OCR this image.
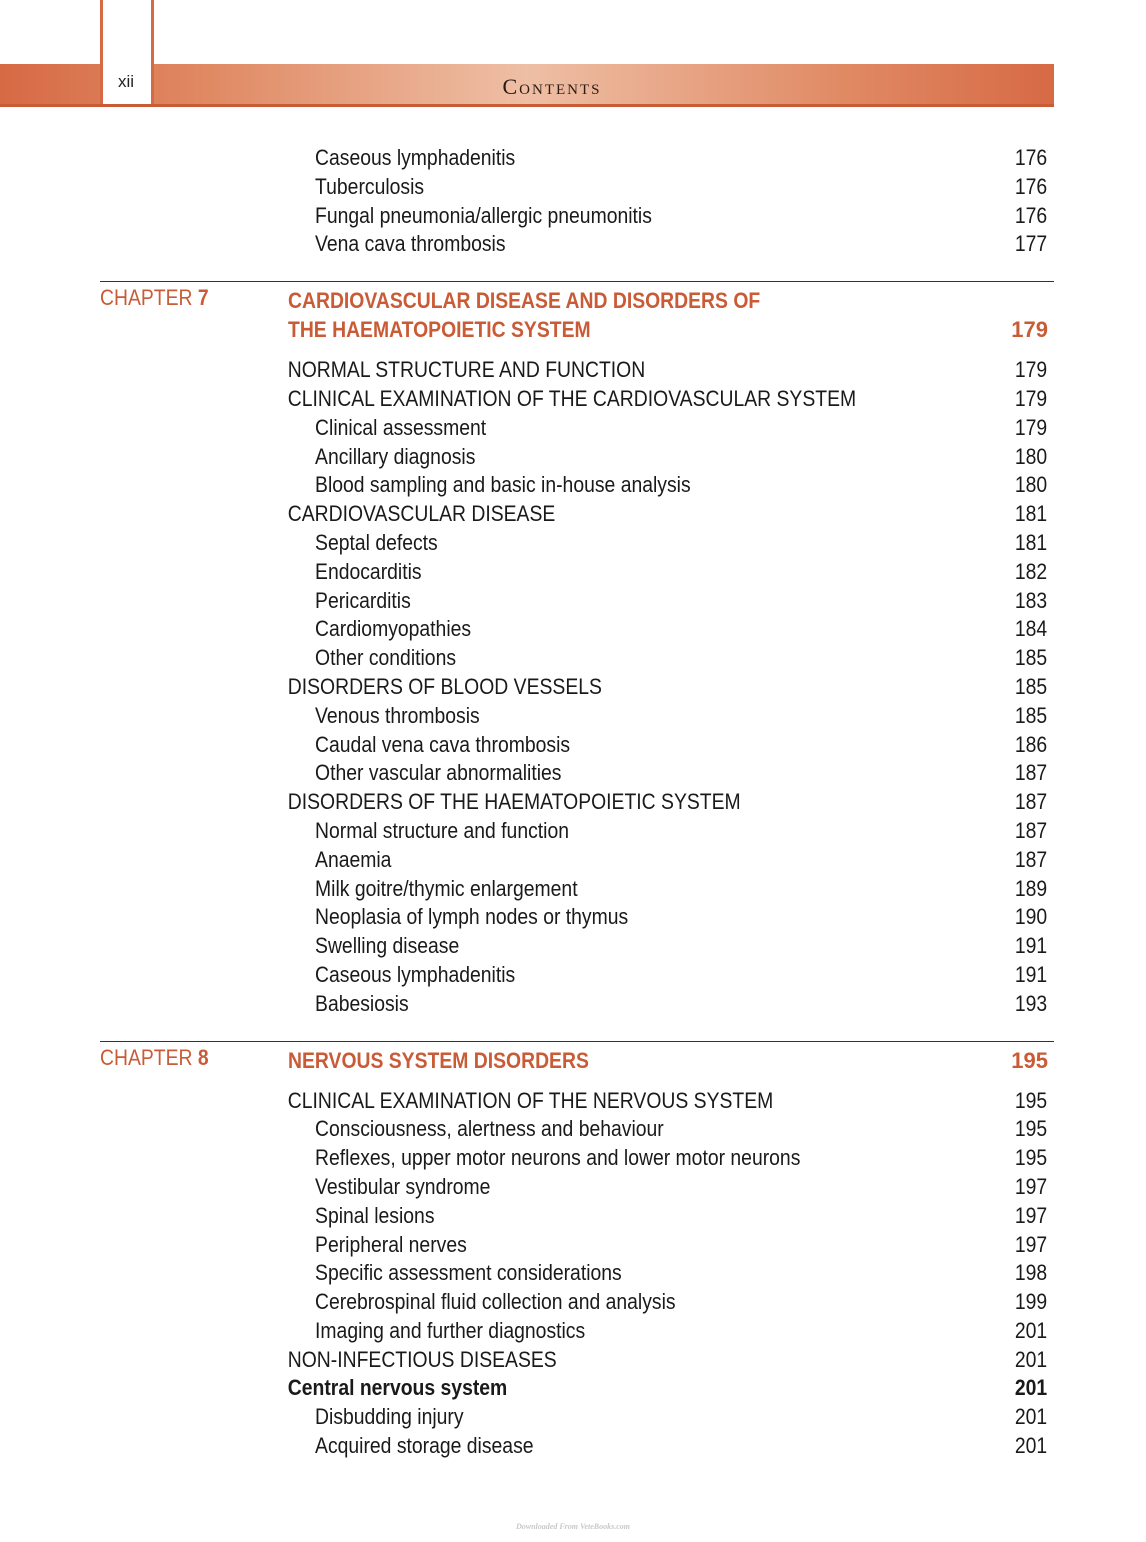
xii	Contents
Caseous lymphadenitis	176
Tuberculosis	176
Fungal pneumonia/allergic pneumonitis	176
Vena cava thrombosis	177
CHAPTER 7	CARDIOVASCULAR DISEASE AND DISORDERS OF
THE HAEMATOPOIETIC SYSTEM	179
NORMAL STRUCTURE AND FUNCTION	179
CLINICAL EXAMINATION OF THE CARDIOVASCULAR SYSTEM	179
Clinical assessment	179
Ancillary diagnosis	180
Blood sampling and basic in-house analysis	180
CARDIOVASCULAR DISEASE	181
Septal defects	181
Endocarditis	182
Pericarditis	183
Cardiomyopathies	184
Other conditions	185
DISORDERS OF BLOOD VESSELS	185
Venous thrombosis	185
Caudal vena cava thrombosis	186
Other vascular abnormalities	187
DISORDERS OF THE HAEMATOPOIETIC SYSTEM	187
Normal structure and function	187
Anaemia	187
Milk goitre/thymic enlargement	189
Neoplasia of lymph nodes or thymus	190
Swelling disease	191
Caseous lymphadenitis	191
Babesiosis	193
CHAPTER 8	NERVOUS SYSTEM DISORDERS	195
CLINICAL EXAMINATION OF THE NERVOUS SYSTEM	195
Consciousness, alertness and behaviour	195
Reflexes, upper motor neurons and lower motor neurons	195
Vestibular syndrome	197
Spinal lesions	197
Peripheral nerves	197
Specific assessment considerations	198
Cerebrospinal fluid collection and analysis	199
Imaging and further diagnostics	201
NON-INFECTIOUS DISEASES	201
Central nervous system	201
Disbudding injury	201
Acquired storage disease	201
Downloaded From VeteBooks.com
